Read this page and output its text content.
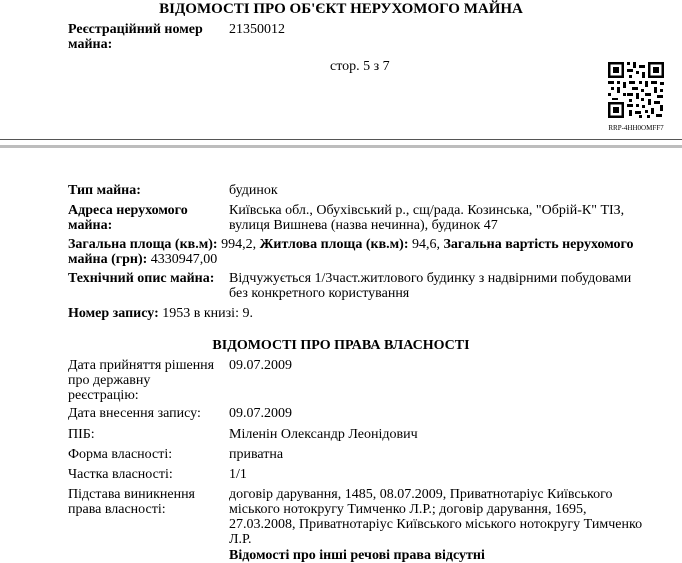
ВІДОМОСТІ ПРО ОБ'ЄКТ НЕРУХОМОГО МАЙНА
Реєстраційний номер
майна:
21350012
стор. 5 з 7
RRP-4HH0OMFF7
Тип майна:	будинок
Адреса нерухомого
майна:
Київська обл., Обухівський р., сщ/рада. Козинська, "Обрій-К" ТІЗ,
вулиця Вишнева (назва нечинна), будинок 47
Загальна площа (кв.м): 994,2, Житлова площа (кв.м): 94,6, Загальна вартість нерухомого
майна (грн): 4330947,00
Технічний опис майна:	Відчужується 1/3част.житлового будинку з надвірними побудовами
без конкретного користування
Номер запису: 1953 в книзі: 9.
ВІДОМОСТІ ПРО ПРАВА ВЛАСНОСТІ
Дата прийняття рішення
про державну
реєстрацію:
09.07.2009
Дата внесення запису:	09.07.2009
ПІБ:	Міленін Олександр Леонідович
Форма власності:	приватна
Частка власності:	1/1
Підстава виникнення
права власності:
договір дарування, 1485, 08.07.2009, Приватнотаріус Київського
міського нотокругу Тимченко Л.Р.; договір дарування, 1695,
27.03.2008, Приватнотаріус Київського міського нотокругу Тимченко
Л.Р.
Відомості про інші речові права відсутні
